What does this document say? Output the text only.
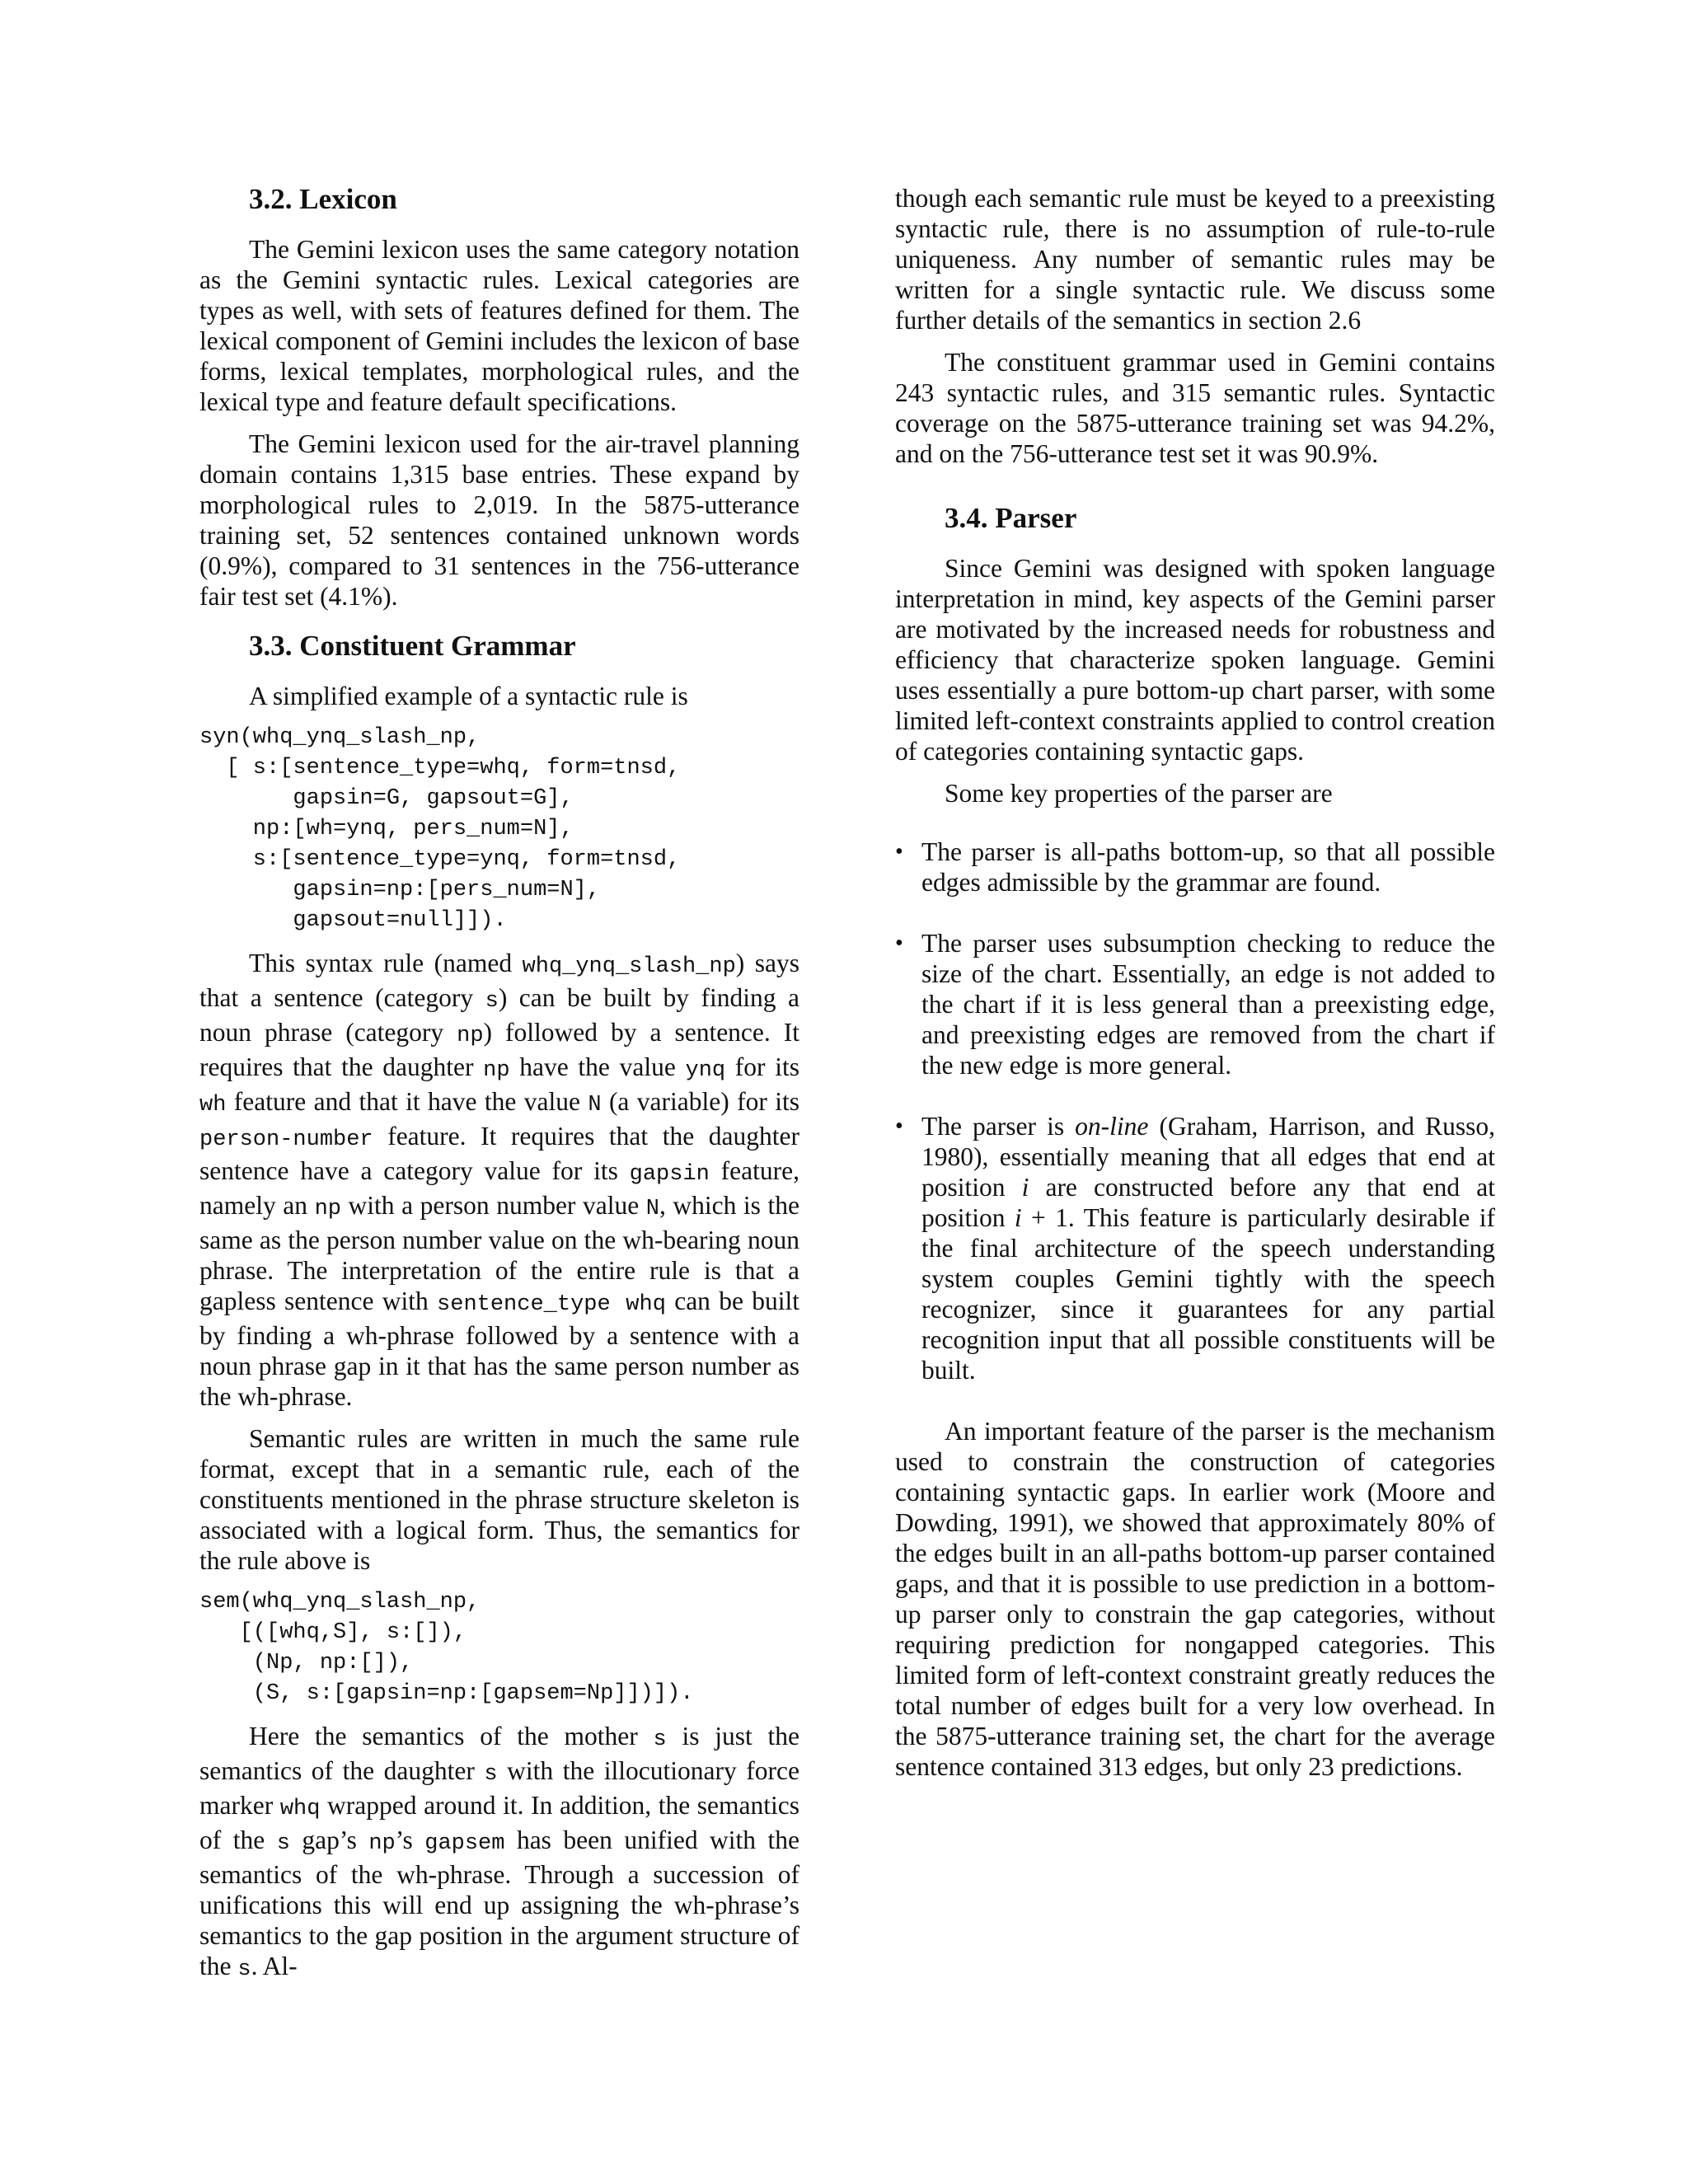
3.2. Lexicon

The Gemini lexicon uses the same category notation as the Gemini syntactic rules. Lexical categories are types as well, with sets of features defined for them. The lexical component of Gemini includes the lexicon of base forms, lexical templates, morphological rules, and the lexical type and feature default specifications.

The Gemini lexicon used for the air-travel planning domain contains 1,315 base entries. These expand by morphological rules to 2,019. In the 5875-utterance training set, 52 sentences contained unknown words (0.9%), compared to 31 sentences in the 756-utterance fair test set (4.1%).

3.3. Constituent Grammar

A simplified example of a syntactic rule is

syn(whq_ynq_slash_np,
[ s:[sentence_type=whq, form=tnsd,
gapsin=G, gapsout=G],
np:[wh=ynq, pers_num=N],
s:[sentence_type=ynq, form=tnsd,
gapsin=np:[pers_num=N],
gapsout=null]]).

This syntax rule (named whq_ynq_slash_np) says that a sentence (category s) can be built by finding a noun phrase (category np) followed by a sentence. It requires that the daughter np have the value ynq for its wh feature and that it have the value N (a variable) for its person-number feature. It requires that the daughter sentence have a category value for its gapsin feature, namely an np with a person number value N, which is the same as the person number value on the wh-bearing noun phrase. The interpretation of the entire rule is that a gapless sentence with sentence_type whq can be built by finding a wh-phrase followed by a sentence with a noun phrase gap in it that has the same person number as the wh-phrase.

Semantic rules are written in much the same rule format, except that in a semantic rule, each of the constituents mentioned in the phrase structure skeleton is associated with a logical form. Thus, the semantics for the rule above is

sem(whq_ynq_slash_np,
[([whq,S], s:[]),
(Np, np:[]),
(S, s:[gapsin=np:[gapsem=Np]])]).

Here the semantics of the mother s is just the semantics of the daughter s with the illocutionary force marker whq wrapped around it. In addition, the semantics of the s gap’s np’s gapsem has been unified with the semantics of the wh-phrase. Through a succession of unifications this will end up assigning the wh-phrase’s semantics to the gap position in the argument structure of the s. Al-

though each semantic rule must be keyed to a preexisting syntactic rule, there is no assumption of rule-to-rule uniqueness. Any number of semantic rules may be written for a single syntactic rule. We discuss some further details of the semantics in section 2.6

The constituent grammar used in Gemini contains 243 syntactic rules, and 315 semantic rules. Syntactic coverage on the 5875-utterance training set was 94.2%, and on the 756-utterance test set it was 90.9%.

3.4. Parser

Since Gemini was designed with spoken language interpretation in mind, key aspects of the Gemini parser are motivated by the increased needs for robustness and efficiency that characterize spoken language. Gemini uses essentially a pure bottom-up chart parser, with some limited left-context constraints applied to control creation of categories containing syntactic gaps.

Some key properties of the parser are

• The parser is all-paths bottom-up, so that all possible edges admissible by the grammar are found.
• The parser uses subsumption checking to reduce the size of the chart. Essentially, an edge is not added to the chart if it is less general than a preexisting edge, and preexisting edges are removed from the chart if the new edge is more general.
• The parser is on-line (Graham, Harrison, and Russo, 1980), essentially meaning that all edges that end at position i are constructed before any that end at position i + 1. This feature is particularly desirable if the final architecture of the speech understanding system couples Gemini tightly with the speech recognizer, since it guarantees for any partial recognition input that all possible constituents will be built.

An important feature of the parser is the mechanism used to constrain the construction of categories containing syntactic gaps. In earlier work (Moore and Dowding, 1991), we showed that approximately 80% of the edges built in an all-paths bottom-up parser contained gaps, and that it is possible to use prediction in a bottom-up parser only to constrain the gap categories, without requiring prediction for nongapped categories. This limited form of left-context constraint greatly reduces the total number of edges built for a very low overhead. In the 5875-utterance training set, the chart for the average sentence contained 313 edges, but only 23 predictions.
